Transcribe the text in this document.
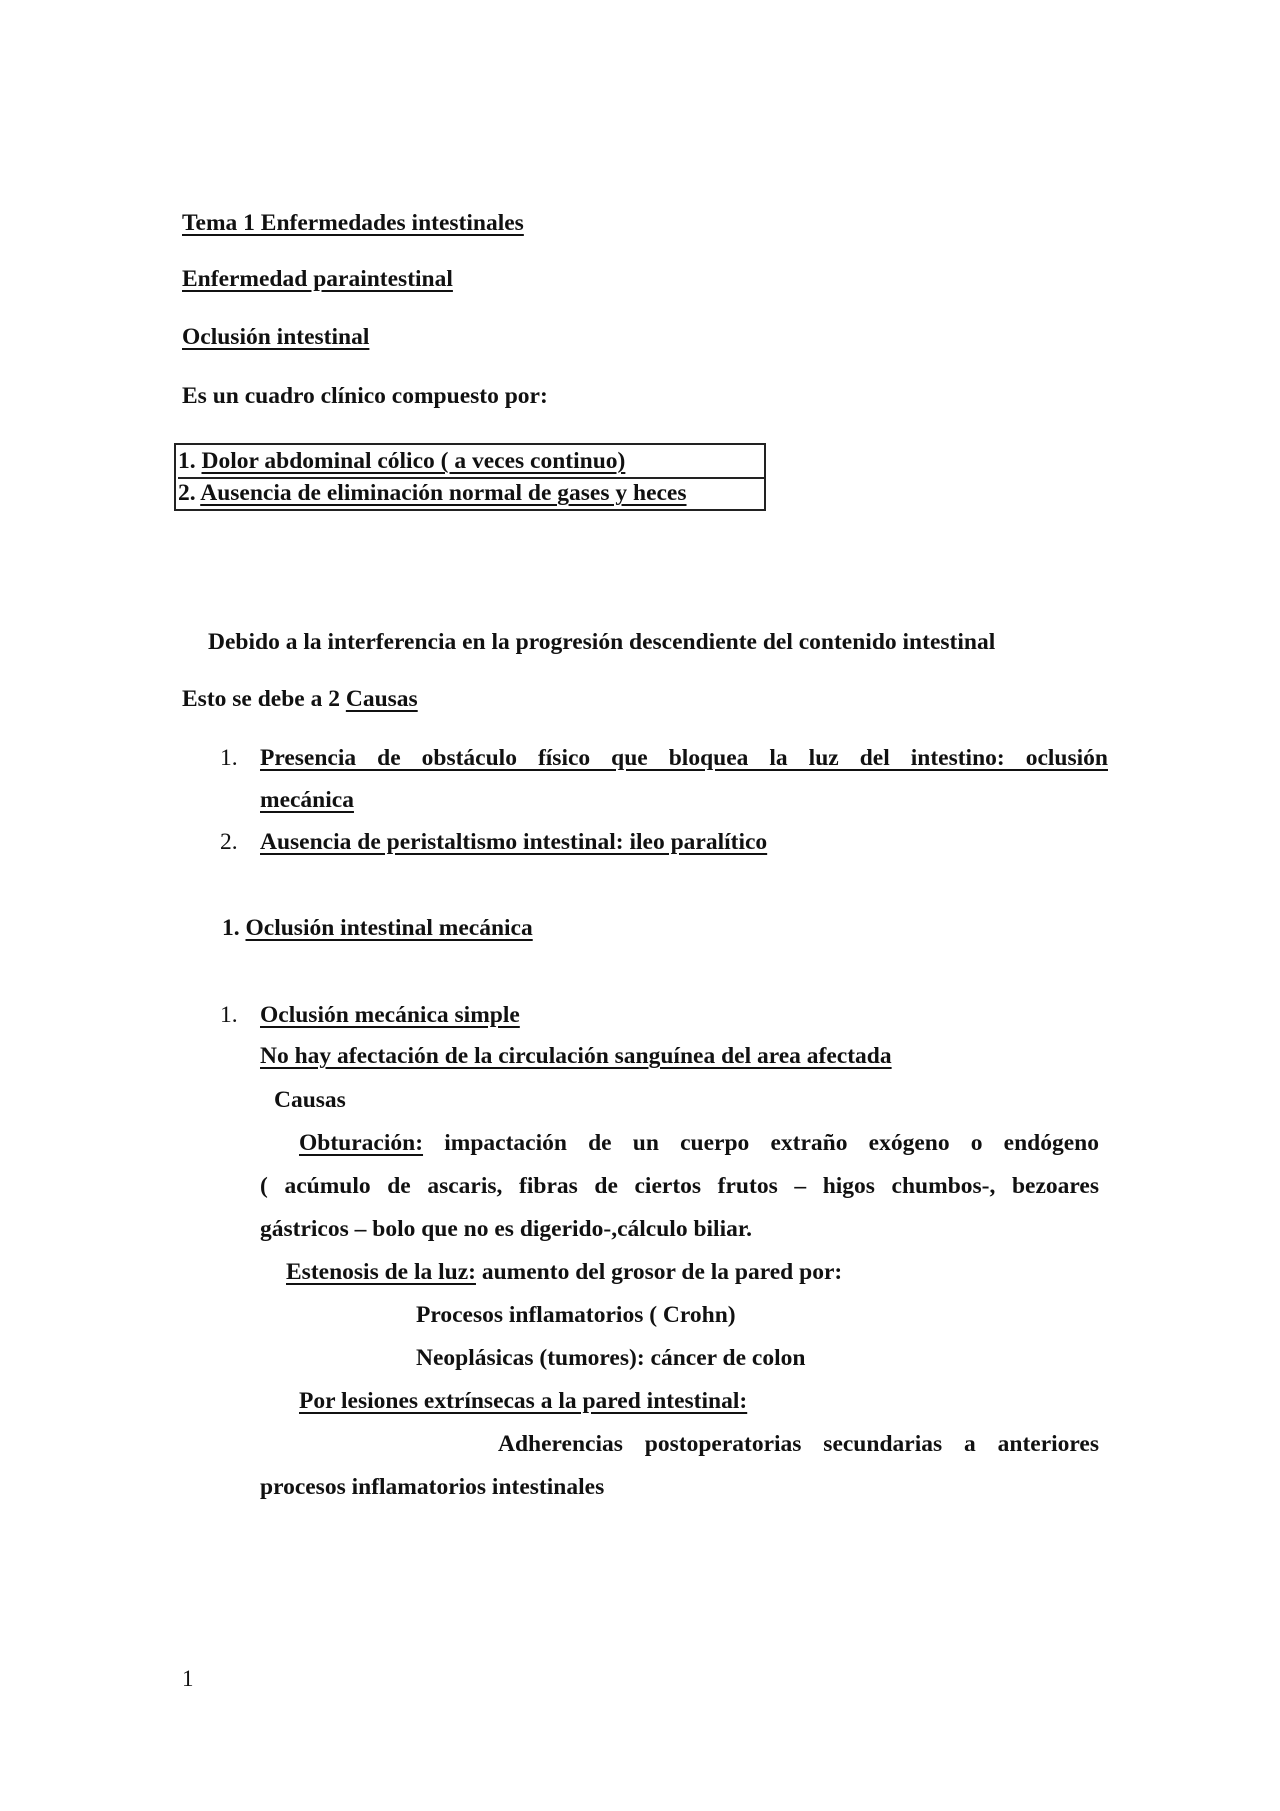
Tema 1 Enfermedades intestinales
Enfermedad paraintestinal
Oclusión intestinal
Es un cuadro clínico compuesto por:
1. Dolor abdominal cólico ( a veces continuo)
2. Ausencia de eliminación normal de gases y heces
Debido a la interferencia en la progresión descendiente del contenido intestinal
Esto se debe a 2 Causas
1. Presencia de obstáculo físico que bloquea la luz del intestino: oclusión
mecánica
2. Ausencia de peristaltismo intestinal: ileo paralítico
1. Oclusión intestinal mecánica
1. Oclusión mecánica simple
No hay afectación de la circulación sanguínea del area afectada
Causas
Obturación: impactación de un cuerpo extraño exógeno o endógeno
( acúmulo de ascaris, fibras de ciertos frutos – higos chumbos-, bezoares
gástricos – bolo que no es digerido-,cálculo biliar.
Estenosis de la luz: aumento del grosor de la pared por:
Procesos inflamatorios ( Crohn)
Neoplásicas (tumores): cáncer de colon
Por lesiones extrínsecas a la pared intestinal:
Adherencias postoperatorias secundarias a anteriores
procesos inflamatorios intestinales
1
